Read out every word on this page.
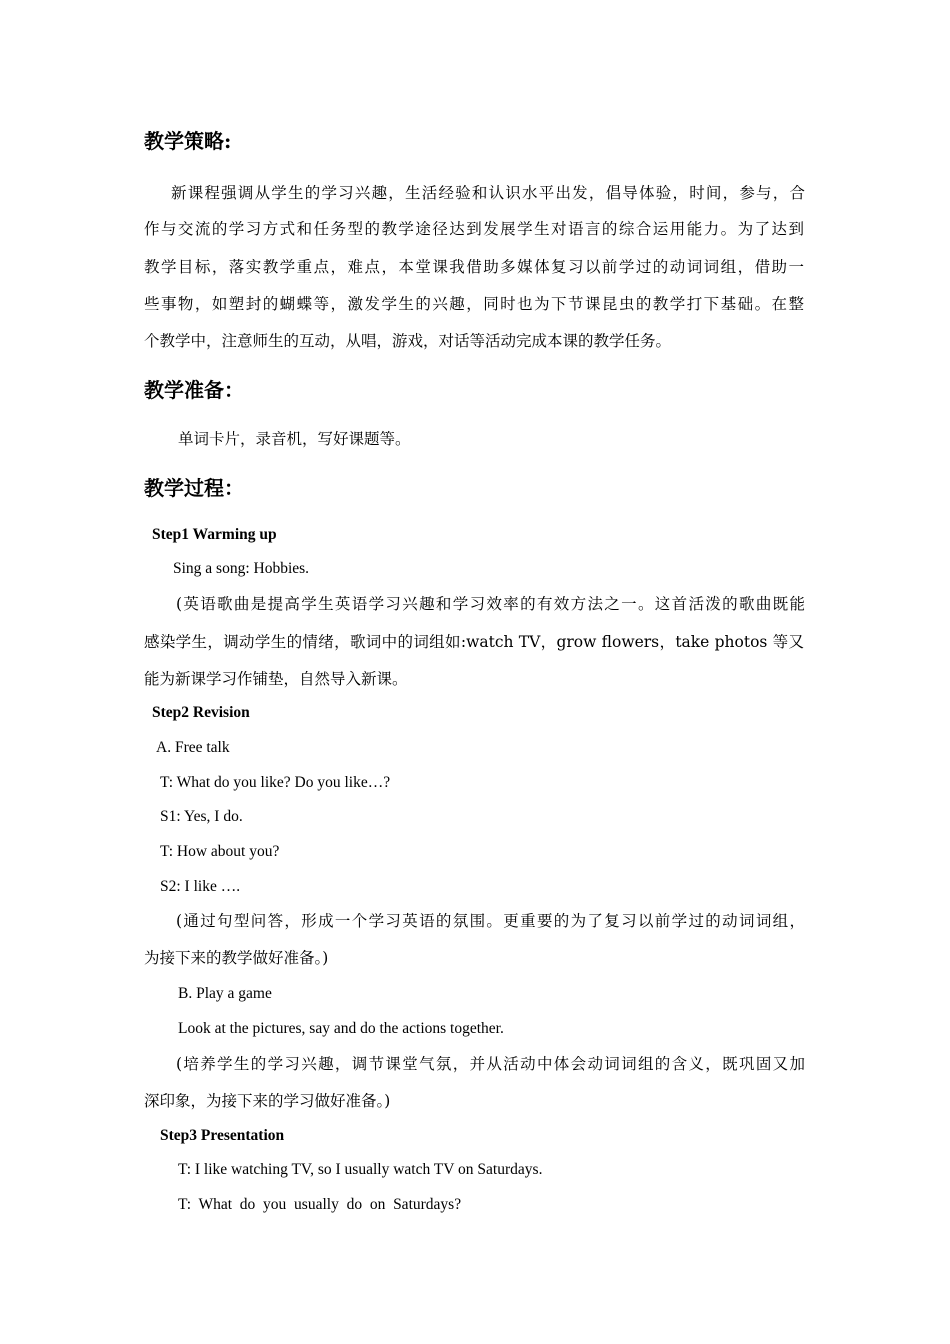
教学策略:
新课程强调从学生的学习兴趣，生活经验和认识水平出发，倡导体验，时间，参与，合
作与交流的学习方式和任务型的教学途径达到发展学生对语言的综合运用能力。为了达到
教学目标，落实教学重点，难点，本堂课我借助多媒体复习以前学过的动词词组，借助一
些事物，如塑封的蝴蝶等，激发学生的兴趣，同时也为下节课昆虫的教学打下基础。在整
个教学中，注意师生的互动，从唱，游戏，对话等活动完成本课的教学任务。
教学准备：
单词卡片，录音机，写好课题等。
教学过程：
Step1 Warming up
Sing a song: Hobbies.
(英语歌曲是提高学生英语学习兴趣和学习效率的有效方法之一。这首活泼的歌曲既能
感染学生，调动学生的情绪，歌词中的词组如:watch TV，grow flowers，take photos 等又
能为新课学习作铺垫，自然导入新课。
Step2 Revision
A. Free talk
T: What do you like? Do you like…?
S1: Yes, I do.
T: How about you?
S2: I like ….
(通过句型问答，形成一个学习英语的氛围。更重要的为了复习以前学过的动词词组，
为接下来的教学做好准备。)
B. Play a game
Look at the pictures, say and do the actions together.
(培养学生的学习兴趣，调节课堂气氛，并从活动中体会动词词组的含义，既巩固又加
深印象，为接下来的学习做好准备。)
Step3 Presentation
T: I like watching TV, so I usually watch TV on Saturdays.
T:  What  do  you  usually  do  on  Saturdays?
